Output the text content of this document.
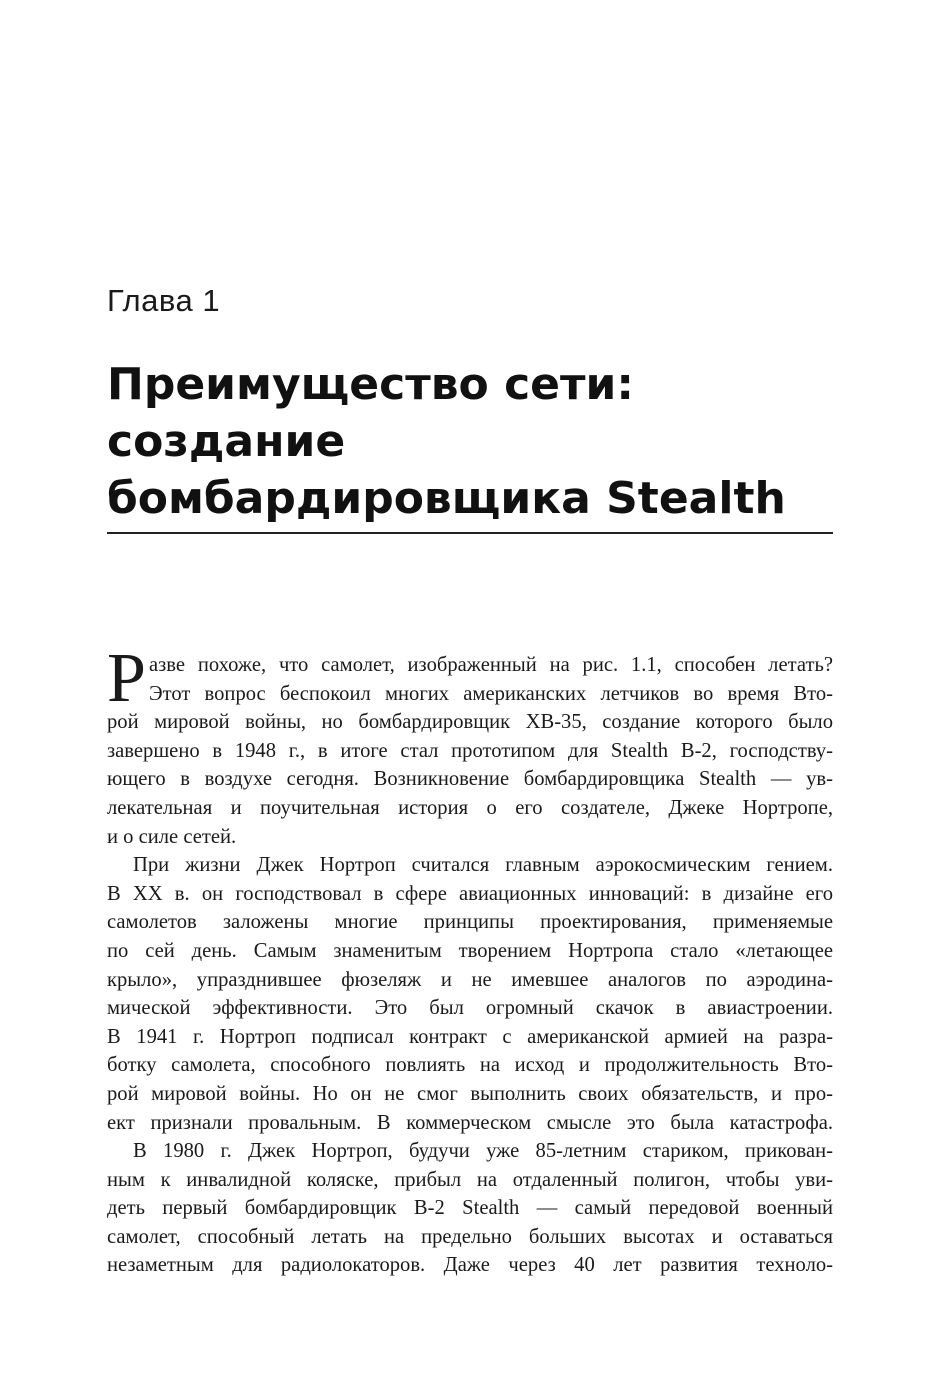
Глава 1
Преимущество сети:
создание
бомбардировщика Stealth
Р азве похоже, что самолет, изображенный на рис. 1.1, способен летать?
Этот вопрос беспокоил многих американских летчиков во время Вто-
рой мировой войны, но бомбардировщик XB-35, создание которого было
завершено в 1948 г., в итоге стал прототипом для Stealth B-2, господству-
ющего в воздухе сегодня. Возникновение бомбардировщика Stealth — ув-
лекательная и поучительная история о его создателе, Джеке Нортропе,
и о силе сетей.
При жизни Джек Нортроп считался главным аэрокосмическим гением.
В XX в. он господствовал в сфере авиационных инноваций: в дизайне его
самолетов заложены многие принципы проектирования, применяемые
по сей день. Самым знаменитым творением Нортропа стало «летающее
крыло», упразднившее фюзеляж и не имевшее аналогов по аэродина-
мической эффективности. Это был огромный скачок в авиастроении.
В 1941 г. Нортроп подписал контракт с американской армией на разра-
ботку самолета, способного повлиять на исход и продолжительность Вто-
рой мировой войны. Но он не смог выполнить своих обязательств, и про-
ект признали провальным. В коммерческом смысле это была катастрофа.
В 1980 г. Джек Нортроп, будучи уже 85-летним стариком, прикован-
ным к инвалидной коляске, прибыл на отдаленный полигон, чтобы уви-
деть первый бомбардировщик B-2 Stealth — самый передовой военный
самолет, способный летать на предельно больших высотах и оставаться
незаметным для радиолокаторов. Даже через 40 лет развития техноло-
